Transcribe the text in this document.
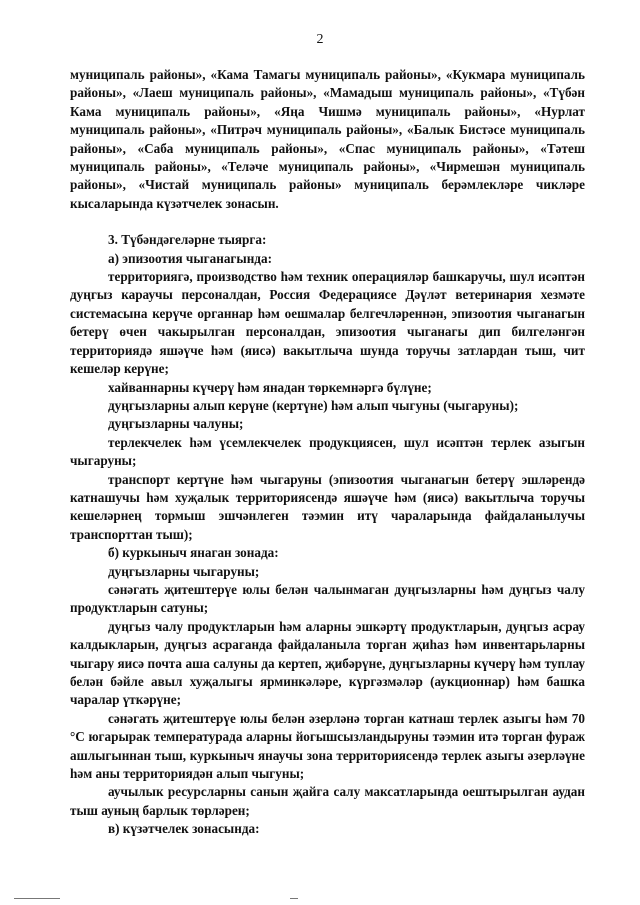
2

муниципаль районы», «Кама Тамагы муниципаль районы», «Кукмара муниципаль районы», «Лаеш муниципаль районы», «Мамадыш муниципаль районы», «Түбән Кама муниципаль районы», «Яңа Чишмә муниципаль районы», «Нурлат муниципаль районы», «Питрәч муниципаль районы», «Балык Бистәсе муниципаль районы», «Саба муниципаль районы», «Спас муниципаль районы», «Тәтеш муниципаль районы», «Теләче муниципаль районы», «Чирмешән муниципаль районы», «Чистай муниципаль районы» муниципаль берәмлекләре чикләре кысаларында күзәтчелек зонасын.

3. Түбәндәгеләрне тыярга:

а) эпизоотия чыганагында:

территориягә, производство һәм техник операцияләр башкаручы, шул исәптән дуңгыз караучы персоналдан, Россия Федерациясе Дәүләт ветеринария хезмәте системасына керүче органнар һәм оешмалар белгечләреннән, эпизоотия чыганагын бетерү өчен чакырылган персоналдан, эпизоотия чыганагы дип билгеләнгән территориядә яшәүче һәм (яисә) вакытлыча шунда торучы затлардан тыш, чит кешеләр керүне;

хайваннарны күчерү һәм янадан төркемнәргә бүлүне;

дуңгызларны алып керүне (кертүне) һәм алып чыгуны (чыгаруны);

дуңгызларны чалуны;

терлекчелек һәм үсемлекчелек продукциясен, шул исәптән терлек азыгын чыгаруны;

транспорт кертүне һәм чыгаруны (эпизоотия чыганагын бетерү эшләрендә катнашучы һәм хуҗалык территориясендә яшәүче һәм (яисә) вакытлыча торучы кешеләрнең тормыш эшчәнлеген тәэмин итү чараларында файдаланылучы транспорттан тыш);

б) куркыныч янаган зонада:

дуңгызларны чыгаруны;

сәнәгать җитештерүе юлы белән чалынмаган дуңгызларны һәм дуңгыз чалу продуктларын сатуны;

дуңгыз чалу продуктларын һәм аларны эшкәртү продуктларын, дуңгыз асрау калдыкларын, дуңгыз асраганда файдаланыла торган җиһаз һәм инвентарьларны чыгару яисә почта аша салуны да кертеп, җибәрүне, дуңгызларны күчерү һәм туплау белән бәйле авыл хуҗалыгы ярминкәләре, күргәзмәләр (аукционнар) һәм башка чаралар үткәрүне;

сәнәгать җитештерүе юлы белән әзерләнә торган катнаш терлек азыгы һәм 70 °С югарырак температурада аларны йогышсызландыруны тәэмин итә торган фураж ашлыгыннан тыш, куркыныч янаучы зона территориясендә терлек азыгы әзерләүне һәм аны территориядән алып чыгуны;

аучылык ресурсларны санын җайга салу максатларында оештырылган аудан тыш ауның барлык төрләрен;

в) күзәтчелек зонасында:
